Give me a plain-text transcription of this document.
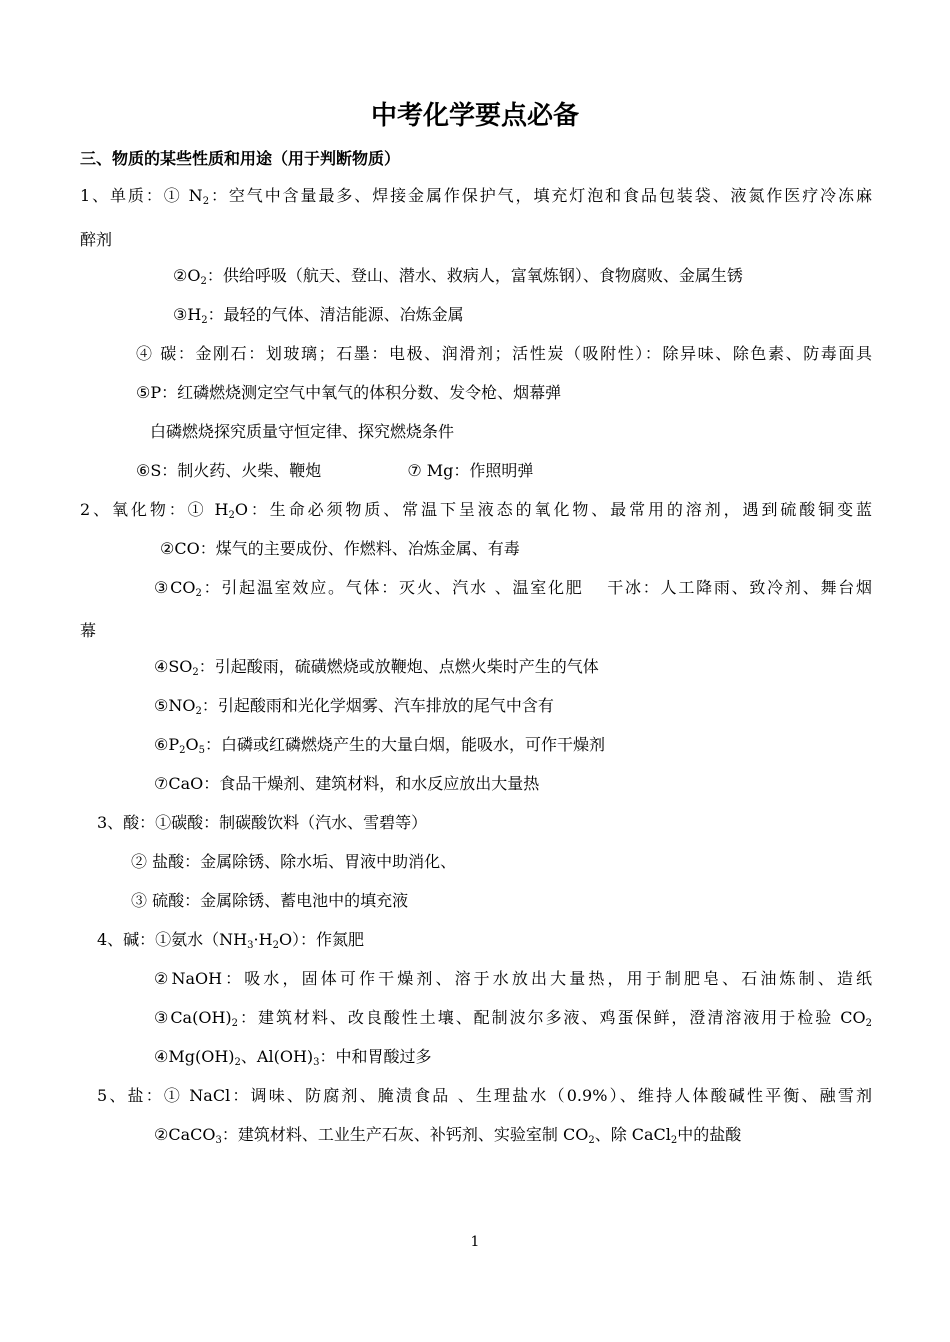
中考化学要点必备
三、物质的某些性质和用途（用于判断物质）
1、单质：① $N_2$：空气中含量最多、焊接金属作保护气，填充灯泡和食品包装袋、液氮作医疗冷冻麻
醉剂
$②O_2$：供给呼吸（航天、登山、潜水、救病人，富氧炼钢）、食物腐败、金属生锈
$③H_2$：最轻的气体、清洁能源、冶炼金属
④ 碳：金刚石：划玻璃；石墨：电极、润滑剂；活性炭（吸附性）：除异味、除色素、防毒面具
⑤P：红磷燃烧测定空气中氧气的体积分数、发令枪、烟幕弹
白磷燃烧探究质量守恒定律、探究燃烧条件
⑥S：制火药、火柴、鞭炮	⑦ Mg：作照明弹
2、氧化物：① $H_2O$：生命必须物质、常温下呈液态的氧化物、最常用的溶剂，遇到硫酸铜变蓝
②CO：煤气的主要成份、作燃料、冶炼金属、有毒
$③CO_2$：引起温室效应。气体：灭火、汽水 、温室化肥 干冰：人工降雨、致冷剂、舞台烟
幕
$④SO_2$：引起酸雨，硫磺燃烧或放鞭炮、点燃火柴时产生的气体
$⑤NO_2$：引起酸雨和光化学烟雾、汽车排放的尾气中含有
$⑥P_2O_5$：白磷或红磷燃烧产生的大量白烟，能吸水，可作干燥剂
⑦CaO：食品干燥剂、建筑材料，和水反应放出大量热
3、酸：①碳酸：制碳酸饮料（汽水、雪碧等）
② 盐酸：金属除锈、除水垢、胃液中助消化、
③ 硫酸：金属除锈、蓄电池中的填充液
4、碱：①氨水$(NH_3\cdot H_2O)$：作氮肥
②NaOH：吸水，固体可作干燥剂、溶于水放出大量热，用于制肥皂、石油炼制、造纸
$③Ca(OH)_2$：建筑材料、改良酸性土壤、配制波尔多液、鸡蛋保鲜，澄清溶液用于检验 $CO_2$
$④Mg(OH)_2$、$Al(OH)_3$：中和胃酸过多
5、盐：① NaCl：调味、防腐剂、腌渍食品 、生理盐水（0.9%）、维持人体酸碱性平衡、融雪剂
②CaCO$_3$：建筑材料、工业生产石灰、补钙剂、实验室制 $CO_2$、除 CaCl$_2$中的盐酸
1
